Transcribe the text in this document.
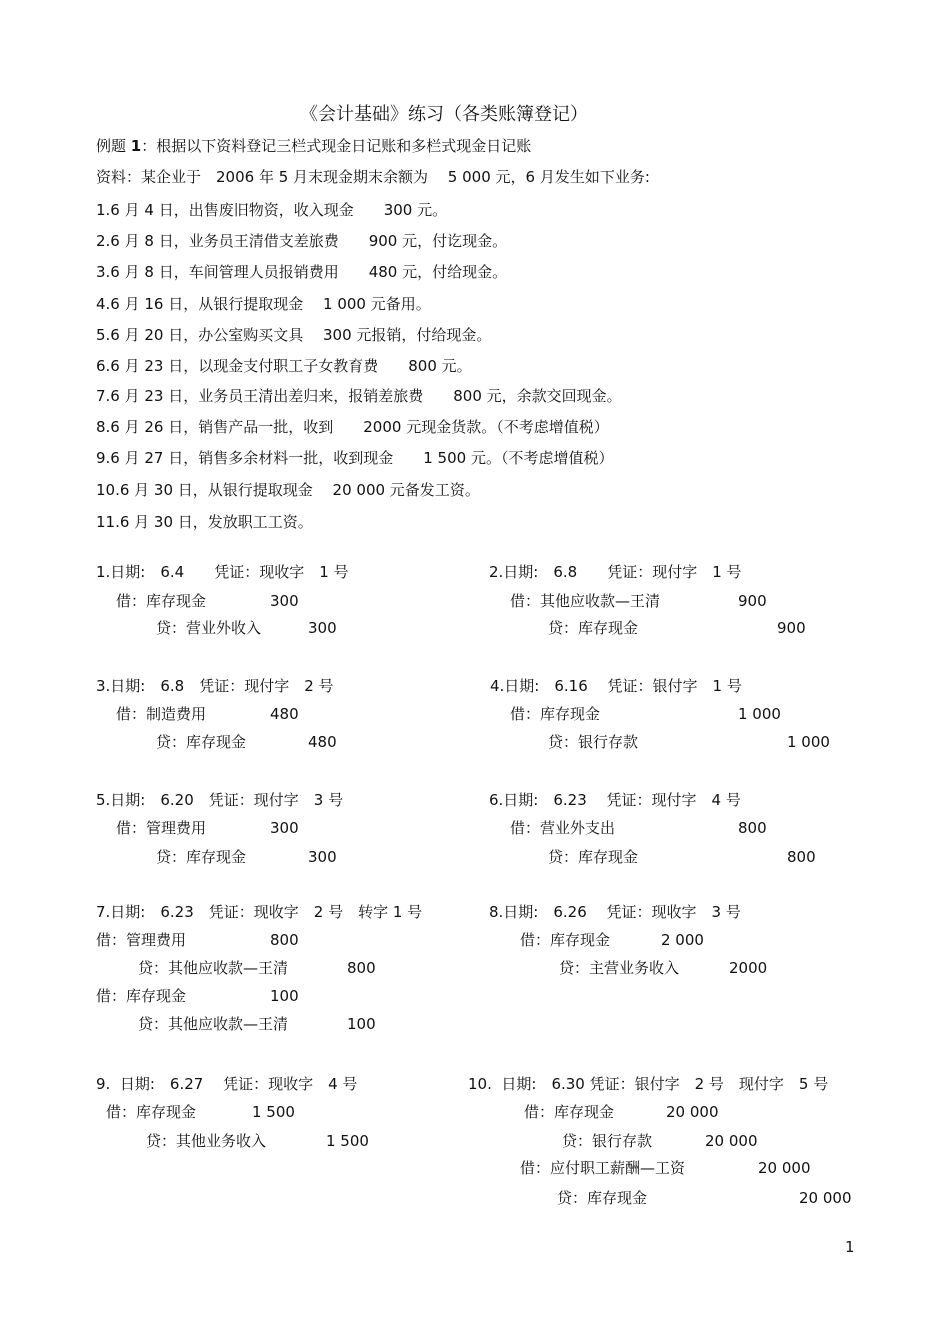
《会计基础》练习（各类账簿登记）
例题 1：根据以下资料登记三栏式现金日记账和多栏式现金日记账
资料：某企业于　2006 年 5 月末现金期末余额为　 5 000 元，6 月发生如下业务:
1.6 月 4 日，出售废旧物资，收入现金　　300 元。
2.6 月 8 日，业务员王清借支差旅费　　900 元，付讫现金。
3.6 月 8 日，车间管理人员报销费用　　480 元，付给现金。
4.6 月 16 日，从银行提取现金　 1 000 元备用。
5.6 月 20 日，办公室购买文具　 300 元报销，付给现金。
6.6 月 23 日，以现金支付职工子女教育费　　800 元。
7.6 月 23 日，业务员王清出差归来，报销差旅费　　800 元，余款交回现金。
8.6 月 26 日，销售产品一批，收到　　2000 元现金货款。（不考虑增值税）
9.6 月 27 日，销售多余材料一批，收到现金　　1 500 元。（不考虑增值税）
10.6 月 30 日，从银行提取现金　 20 000 元备发工资。
11.6 月 30 日，发放职工工资。
1.日期:　6.4　　凭证：现收字　1 号
借：库存现金	300
贷：营业外收入	300
2.日期:　6.8　　凭证：现付字　1 号
借：其他应收款—王清	900
贷：库存现金	900
3.日期:　6.8　凭证：现付字　2 号
借：制造费用	480
贷：库存现金	480
4.日期:　6.16　 凭证：银付字　1 号
借：库存现金	1 000
贷：银行存款	1 000
5.日期:　6.20　凭证：现付字　3 号
借：管理费用	300
贷：库存现金	300
6.日期:　6.23　 凭证：现付字　4 号
借：营业外支出	800
贷：库存现金	800
7.日期:　6.23　凭证：现收字　2 号　转字 1 号
借：管理费用	800
贷：其他应收款—王清	800
借：库存现金	100
贷：其他应收款—王清	100
8.日期:　6.26　 凭证：现收字　3 号
借：库存现金	2 000
贷：主营业务收入	2000
9.  日期:　6.27　 凭证：现收字　4 号
借：库存现金	1 500
贷：其他业务收入	1 500
10.  日期:　6.30 凭证：银付字　2 号　现付字　5 号
借：库存现金	20 000
贷：银行存款	20 000
借：应付职工薪酬—工资	20 000
贷：库存现金	20 000
1
